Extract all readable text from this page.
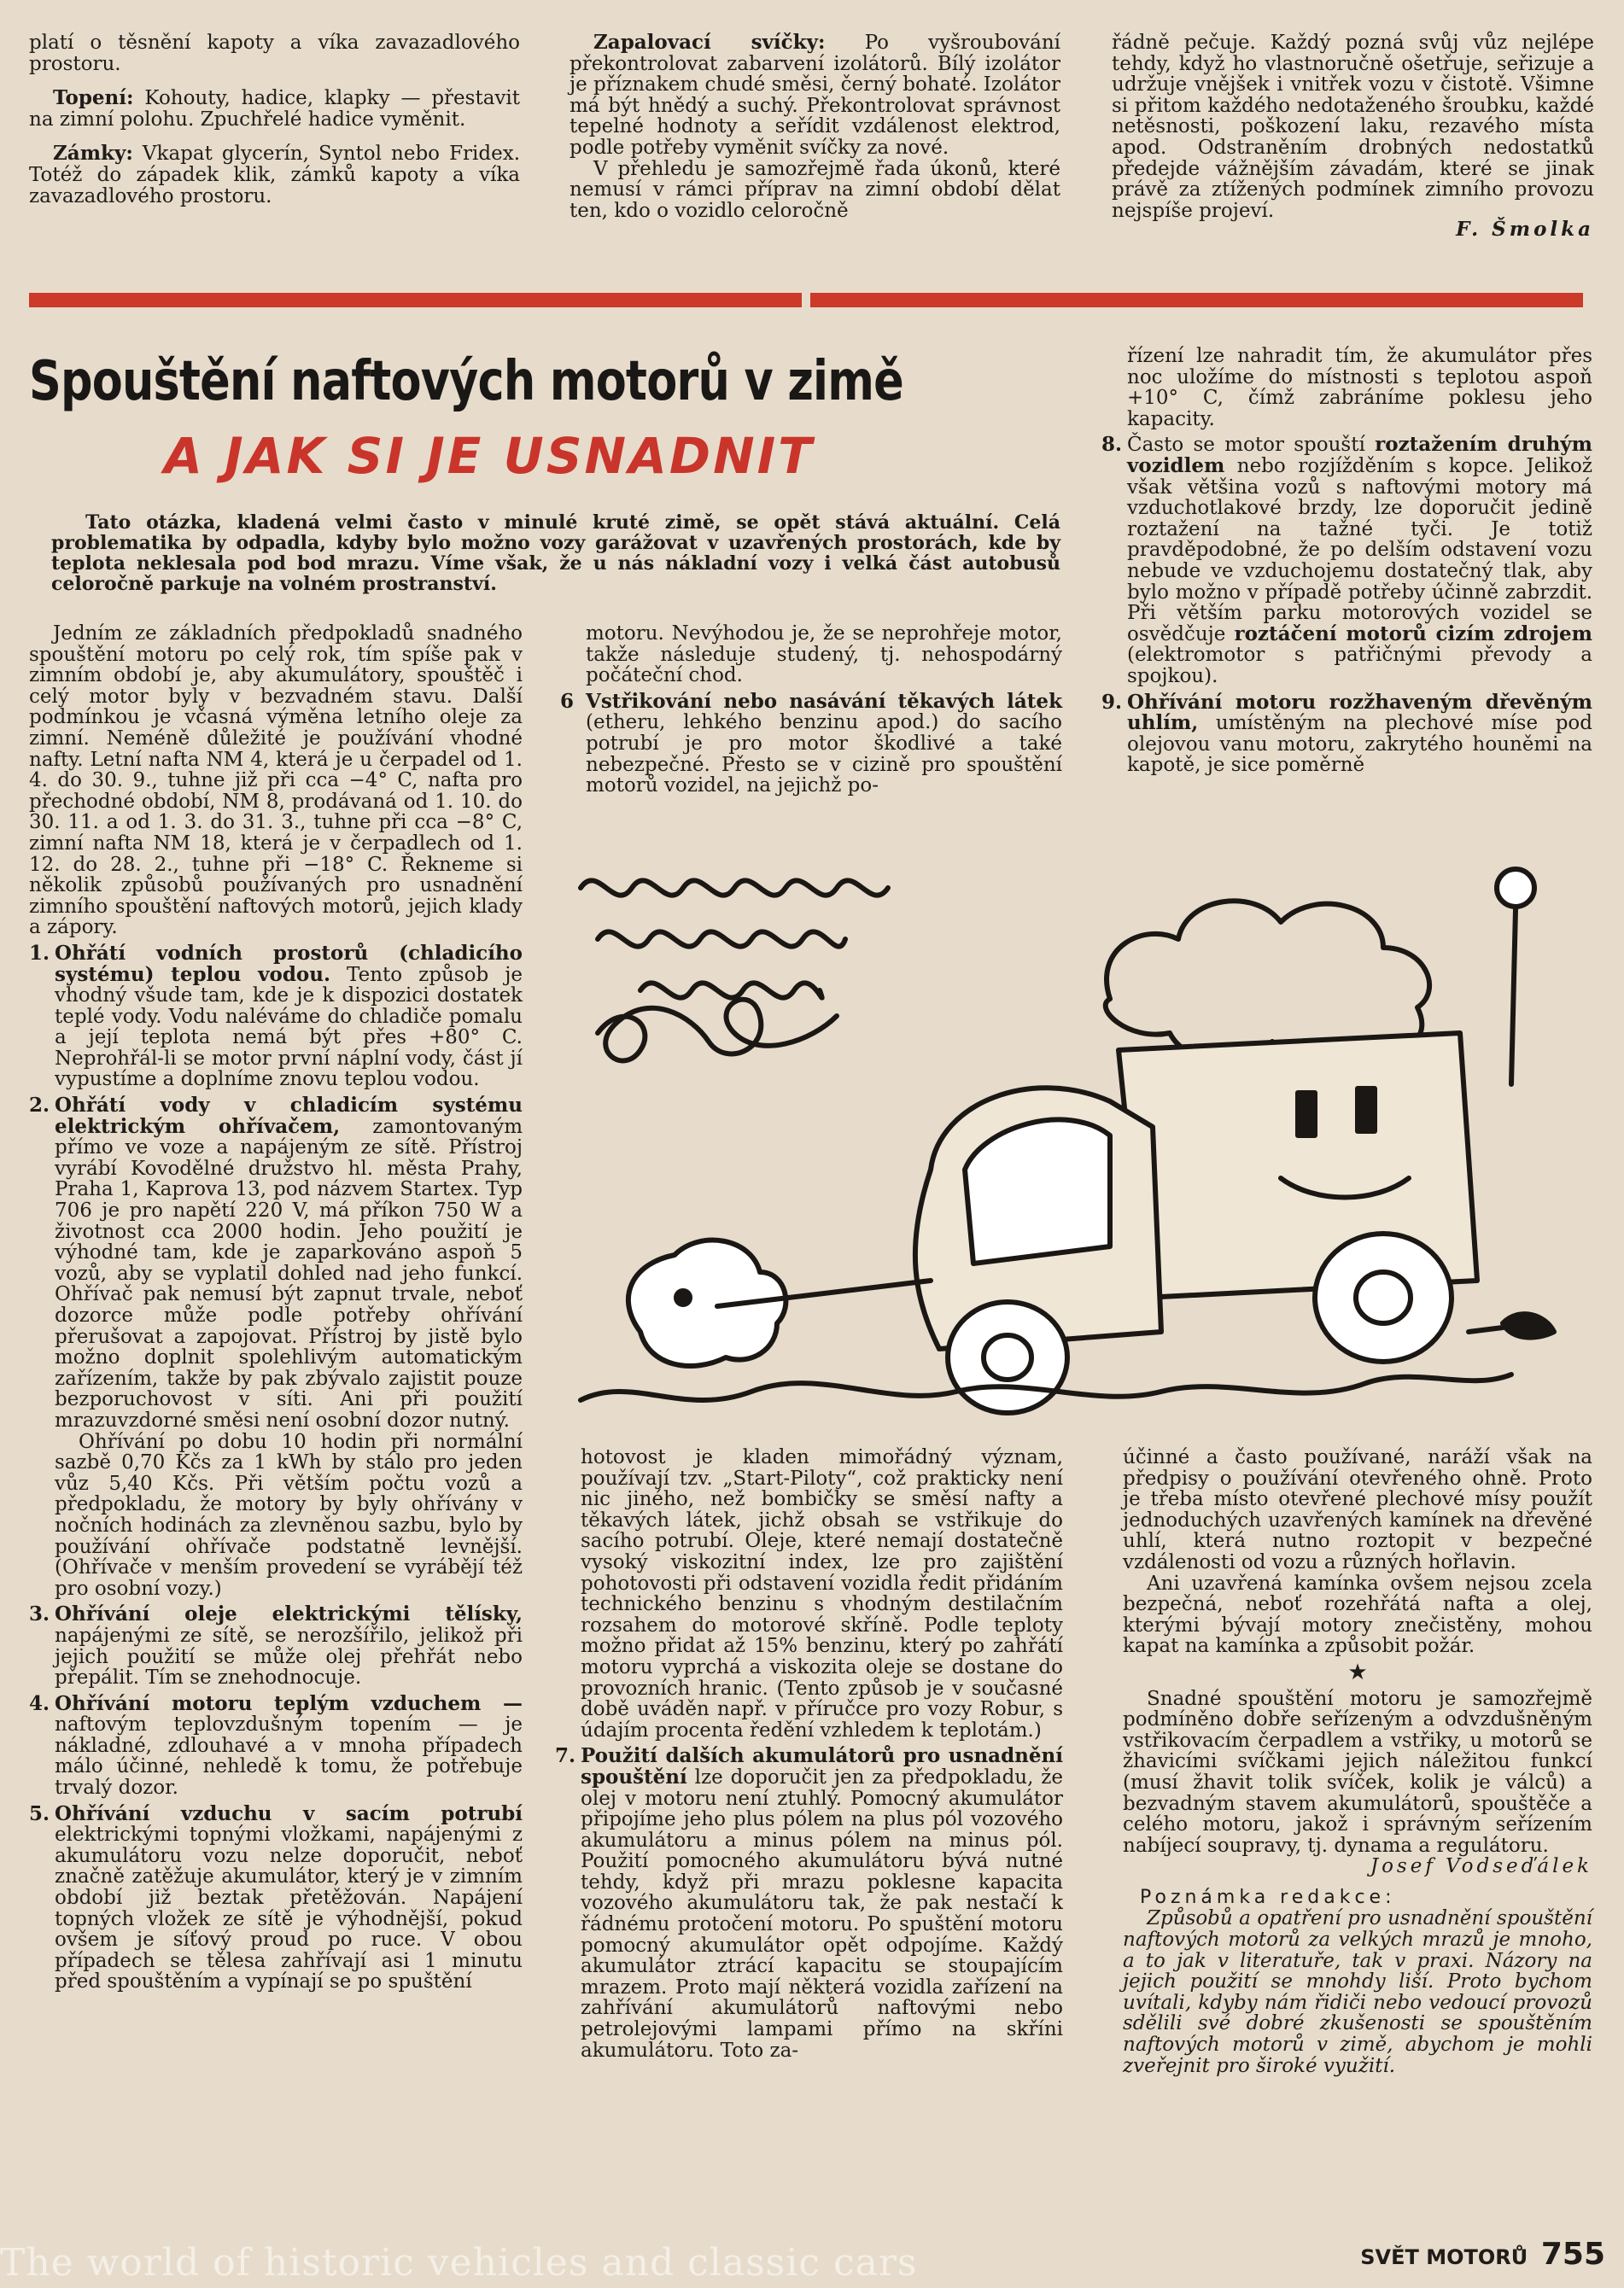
platí o těsnění kapoty a víka zavazadlového prostoru.

Topení: Kohouty, hadice, klapky — přestavit na zimní polohu. Zpuchřelé hadice vyměnit.

Zámky: Vkapat glycerín, Syntol nebo Fridex. Totéž do západek klik, zámků kapoty a víka zavazadlového prostoru.

Zapalovací svíčky: Po vyšroubování překontrolovat zabarvení izolátorů. Bílý izolátor je příznakem chudé směsi, černý bohaté. Izolátor má být hnědý a suchý. Překontrolovat správnost tepelné hodnoty a seřídit vzdálenost elektrod, podle potřeby vyměnit svíčky za nové.

V přehledu je samozřejmě řada úkonů, které nemusí v rámci příprav na zimní období dělat ten, kdo o vozidlo celoročně

řádně pečuje. Každý pozná svůj vůz nejlépe tehdy, když ho vlastnoručně ošetřuje, seřizuje a udržuje vnějšek i vnitřek vozu v čistotě. Všimne si přitom každého nedotaženého šroubku, každé netěsnosti, poškození laku, rezavého místa apod. Odstraněním drobných nedostatků předejde vážnějším závadám, které se jinak právě za ztížených podmínek zimního provozu nejspíše projeví.

F. Šmolka
Spouštění naftových motorů v zimě
A JAK SI JE USNADNIT

Tato otázka, kladená velmi často v minulé kruté zimě, se opět stává aktuální. Celá problematika by odpadla, kdyby bylo možno vozy garážovat v uzavřených prostorách, kde by teplota neklesala pod bod mrazu. Víme však, že u nás nákladní vozy i velká část autobusů celoročně parkuje na volném prostranství.

Jedním ze základních předpokladů snadného spouštění motoru po celý rok, tím spíše pak v zimním období je, aby akumulátory, spouštěč i celý motor byly v bezvadném stavu. Další podmínkou je včasná výměna letního oleje za zimní. Neméně důležité je používání vhodné nafty. Letní nafta NM 4, která je u čerpadel od 1. 4. do 30. 9., tuhne již při cca −4° C, nafta pro přechodné období, NM 8, prodávaná od 1. 10. do 30. 11. a od 1. 3. do 31. 3., tuhne při cca −8° C, zimní nafta NM 18, která je v čerpadlech od 1. 12. do 28. 2., tuhne při −18° C. Řekneme si několik způsobů používaných pro usnadnění zimního spouštění naftových motorů, jejich klady a zápory.

1. Ohřátí vodních prostorů (chladicího systému) teplou vodou. Tento způsob je vhodný všude tam, kde je k dispozici dostatek teplé vody. Vodu naléváme do chladiče pomalu a její teplota nemá být přes +80° C. Neprohřál-li se motor první náplní vody, část jí vypustíme a doplníme znovu teplou vodou.

2. Ohřátí vody v chladicím systému elektrickým ohřívačem, zamontovaným přímo ve voze a napájeným ze sítě. Přístroj vyrábí Kovodělné družstvo hl. města Prahy, Praha 1, Kaprova 13, pod názvem Startex. Typ 706 je pro napětí 220 V, má příkon 750 W a životnost cca 2000 hodin. Jeho použití je výhodné tam, kde je zaparkováno aspoň 5 vozů, aby se vyplatil dohled nad jeho funkcí. Ohřívač pak nemusí být zapnut trvale, neboť dozorce může podle potřeby ohřívání přerušovat a zapojovat. Přístroj by jistě bylo možno doplnit spolehlivým automatickým zařízením, takže by pak zbývalo zajistit pouze bezporuchovost v síti. Ani při použití mrazuvzdorné směsi není osobní dozor nutný.

Ohřívání po dobu 10 hodin při normální sazbě 0,70 Kčs za 1 kWh by stálo pro jeden vůz 5,40 Kčs. Při větším počtu vozů a předpokladu, že motory by byly ohřívány v nočních hodinách za zlevněnou sazbu, bylo by používání ohřívače podstatně levnější. (Ohřívače v menším provedení se vyrábějí též pro osobní vozy.)

3. Ohřívání oleje elektrickými tělísky, napájenými ze sítě, se nerozšířilo, jelikož při jejich použití se může olej přehřát nebo přepálit. Tím se znehodnocuje.

4. Ohřívání motoru teplým vzduchem — naftovým teplovzdušným topením — je nákladné, zdlouhavé a v mnoha případech málo účinné, nehledě k tomu, že potřebuje trvalý dozor.

5. Ohřívání vzduchu v sacím potrubí elektrickými topnými vložkami, napájenými z akumulátoru vozu nelze doporučit, neboť značně zatěžuje akumulátor, který je v zimním období již beztak přetěžován. Napájení topných vložek ze sítě je výhodnější, pokud ovšem je síťový proud po ruce. V obou případech se tělesa zahřívají asi 1 minutu před spouštěním a vypínají se po spuštění

motoru. Nevýhodou je, že se neprohřeje motor, takže následuje studený, tj. nehospodárný počáteční chod.

6 Vstřikování nebo nasávání těkavých látek (etheru, lehkého benzinu apod.) do sacího potrubí je pro motor škodlivé a také nebezpečné. Přesto se v cizině pro spouštění motorů vozidel, na jejichž po-

řízení lze nahradit tím, že akumulátor přes noc uložíme do místnosti s teplotou aspoň +10° C, čímž zabráníme poklesu jeho kapacity.

8. Často se motor spouští roztažením druhým vozidlem nebo rozjížděním s kopce. Jelikož však většina vozů s naftovými motory má vzduchotlakové brzdy, lze doporučit jedině roztažení na tažné tyči. Je totiž pravděpodobné, že po delším odstavení vozu nebude ve vzduchojemu dostatečný tlak, aby bylo možno v případě potřeby účinně zabrzdit. Při větším parku motorových vozidel se osvědčuje roztáčení motorů cizím zdrojem (elektromotor s patřičnými převody a spojkou).

9. Ohřívání motoru rozžhaveným dřevěným uhlím, umístěným na plechové míse pod olejovou vanu motoru, zakrytého houněmi na kapotě, je sice poměrně

hotovost je kladen mimořádný význam, používají tzv. „Start-Piloty“, což prakticky není nic jiného, než bombičky se směsí nafty a těkavých látek, jichž obsah se vstřikuje do sacího potrubí. Oleje, které nemají dostatečně vysoký viskozitní index, lze pro zajištění pohotovosti při odstavení vozidla ředit přidáním technického benzinu s vhodným destilačním rozsahem do motorové skříně. Podle teploty možno přidat až 15% benzinu, který po zahřátí motoru vyprchá a viskozita oleje se dostane do provozních hranic. (Tento způsob je v současné době uváděn např. v příručce pro vozy Robur, s údajím procenta ředění vzhledem k teplotám.)

7. Použití dalších akumulátorů pro usnadnění spouštění lze doporučit jen za předpokladu, že olej v motoru není ztuhlý. Pomocný akumulátor připojíme jeho plus pólem na plus pól vozového akumulátoru a minus pólem na minus pól. Použití pomocného akumulátoru bývá nutné tehdy, když při mrazu poklesne kapacita vozového akumulátoru tak, že pak nestačí k řádnému protočení motoru. Po spuštění motoru pomocný akumulátor opět odpojíme. Každý akumulátor ztrácí kapacitu se stoupajícím mrazem. Proto mají některá vozidla zařízení na zahřívání akumulátorů naftovými nebo petrolejovými lampami přímo na skříni akumulátoru. Toto za-

účinné a často používané, naráží však na předpisy o používání otevřeného ohně. Proto je třeba místo otevřené plechové mísy použít jednoduchých uzavřených kamínek na dřevěné uhlí, která nutno roztopit v bezpečné vzdálenosti od vozu a různých hořlavin.

Ani uzavřená kamínka ovšem nejsou zcela bezpečná, neboť rozehřátá nafta a olej, kterými bývají motory znečistěny, mohou kapat na kamínka a způsobit požár.

★

Snadné spouštění motoru je samozřejmě podmíněno dobře seřízeným a odvzdušněným vstřikovacím čerpadlem a vstřiky, u motorů se žhavicími svíčkami jejich náležitou funkcí (musí žhavit tolik svíček, kolik je válců) a bezvadným stavem akumulátorů, spouštěče a celého motoru, jakož i správným seřízením nabíjecí soupravy, tj. dynama a regulátoru.

Josef Vodseďálek
Poznámka redakce:

Způsobů a opatření pro usnadnění spouštění naftových motorů za velkých mrazů je mnoho, a to jak v literatuře, tak v praxi. Názory na jejich použití se mnohdy liší. Proto bychom uvítali, kdyby nám řidiči nebo vedoucí provozů sdělili své dobré zkušenosti se spouštěním naftových motorů v zimě, abychom je mohli zveřejnit pro široké využití.

The world of historic vehicles and classic cars	SVĚT MOTORŮ 755
